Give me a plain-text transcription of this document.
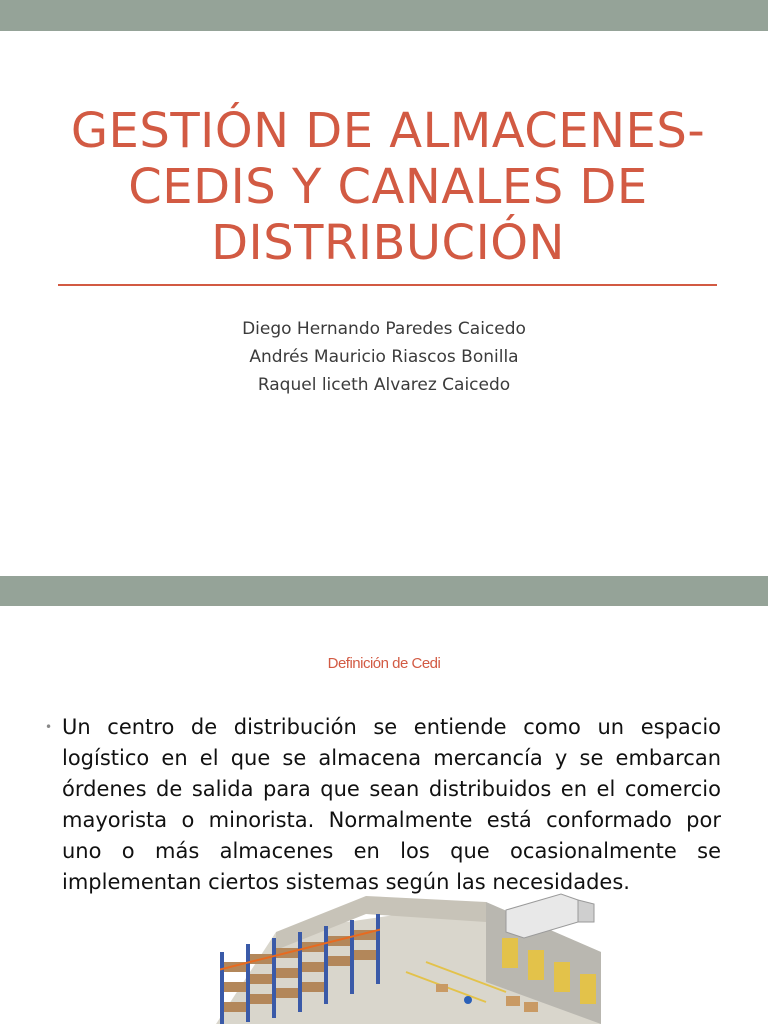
GESTIÓN DE ALMACENES-
CEDIS Y CANALES DE
DISTRIBUCIÓN
Diego Hernando Paredes Caicedo
Andrés Mauricio Riascos Bonilla
Raquel liceth Alvarez Caicedo
Definición de Cedi
• Un centro de distribución se entiende como un espacio logístico en el que se almacena mercancía y se embarcan órdenes de salida para que sean distribuidos en el comercio mayorista o minorista. Normalmente está conformado por uno o más almacenes en los que ocasionalmente se implementan ciertos sistemas según las necesidades.
